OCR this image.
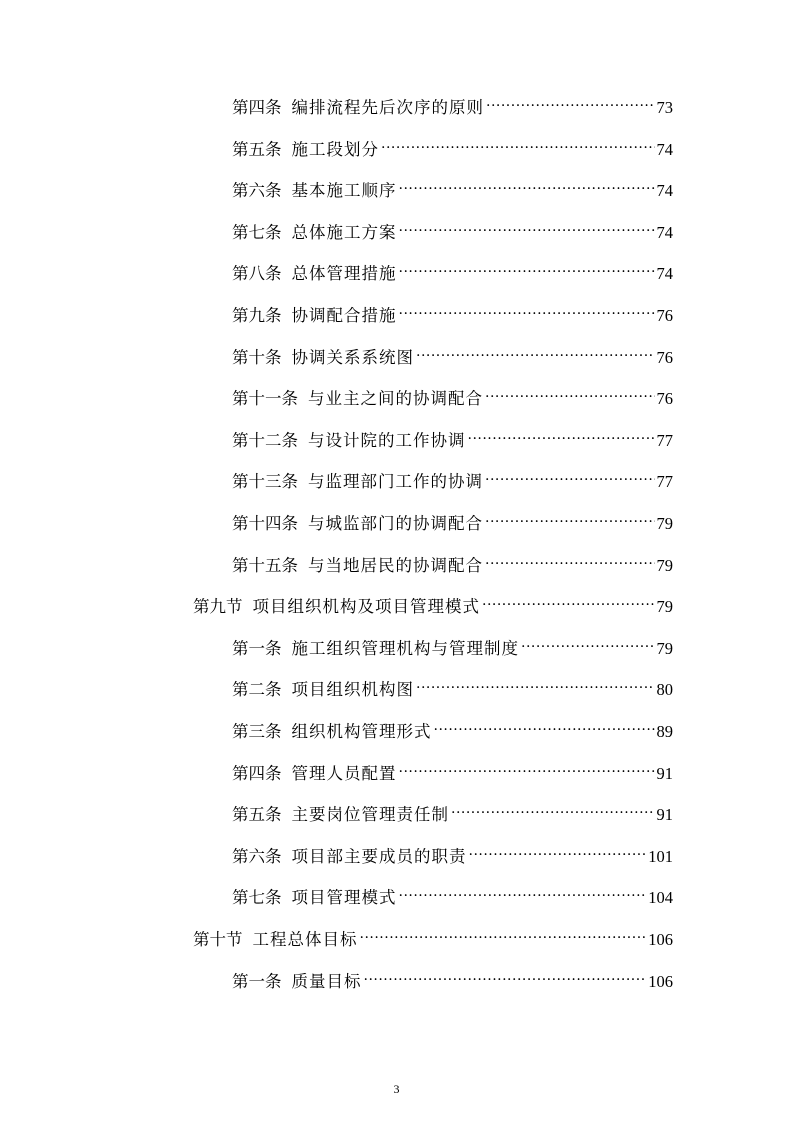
第四条 编排流程先后次序的原则 .....	73
第五条 施工段划分 .....	74
第六条 基本施工顺序 .....	74
第七条 总体施工方案 .....	74
第八条 总体管理措施 .....	74
第九条 协调配合措施 .....	76
第十条 协调关系系统图 .....	76
第十一条 与业主之间的协调配合 .....	76
第十二条 与设计院的工作协调 .....	77
第十三条 与监理部门工作的协调 .....	77
第十四条 与城监部门的协调配合 .....	79
第十五条 与当地居民的协调配合 .....	79
第九节 项目组织机构及项目管理模式 .....	79
第一条 施工组织管理机构与管理制度 .....	79
第二条 项目组织机构图 .....	80
第三条 组织机构管理形式 .....	89
第四条 管理人员配置 .....	91
第五条 主要岗位管理责任制 .....	91
第六条 项目部主要成员的职责 .....	101
第七条 项目管理模式 .....	104
第十节 工程总体目标 .....	106
第一条 质量目标 .....	106
3
